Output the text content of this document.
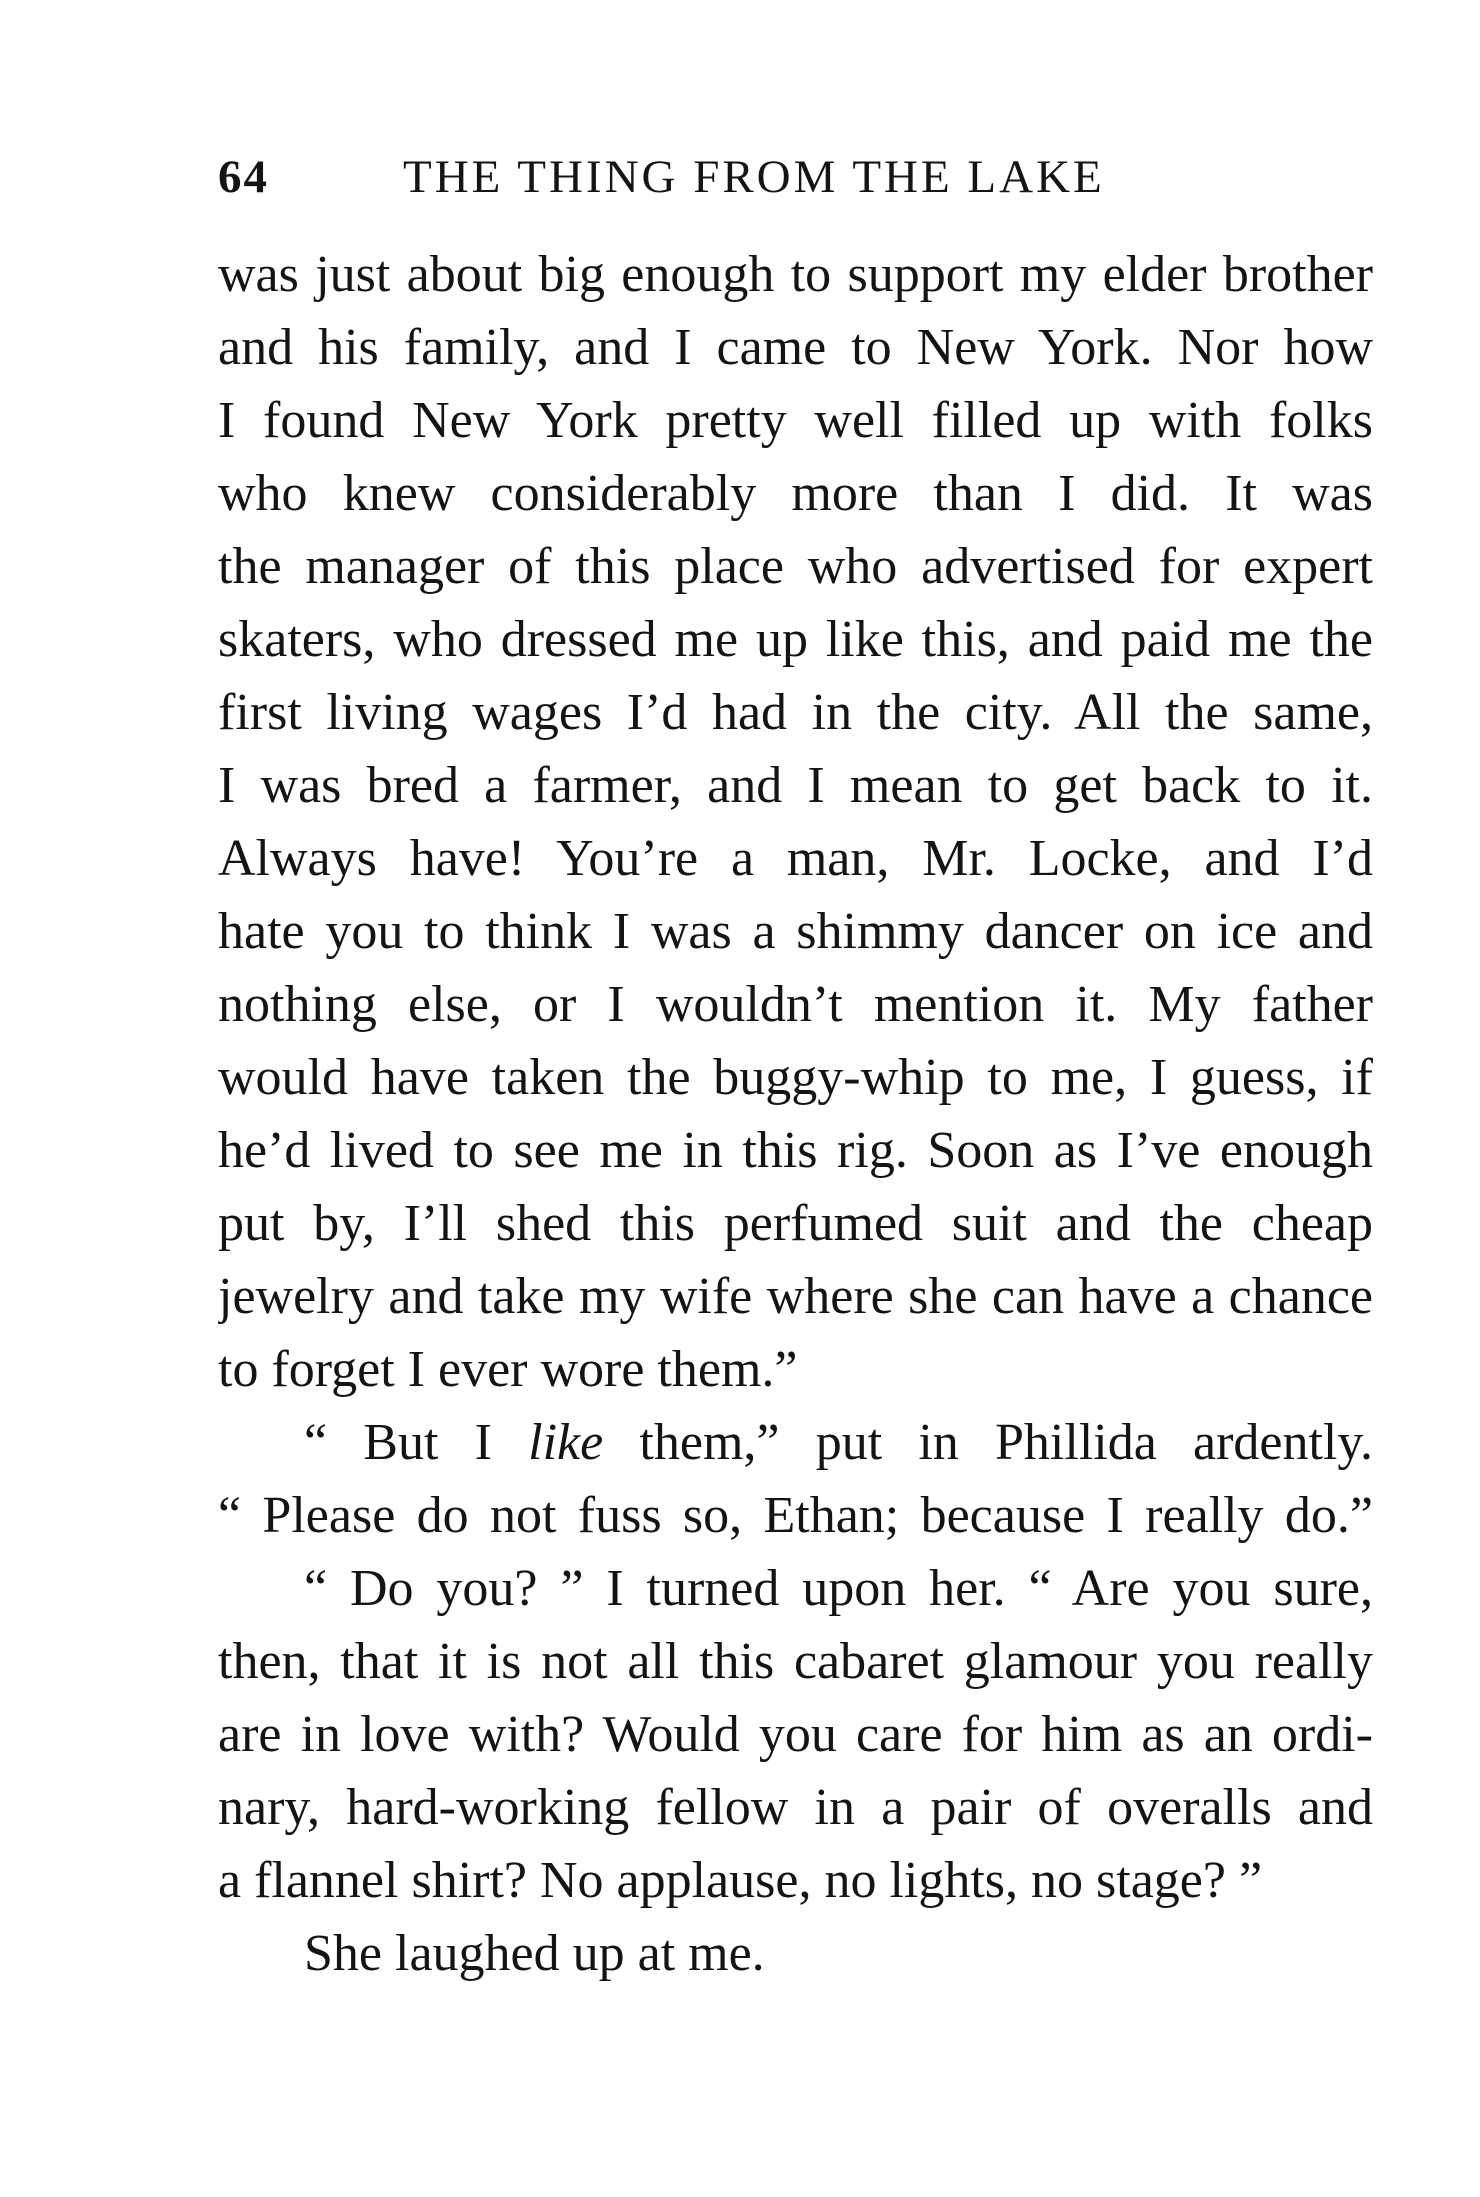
64	THE THING FROM THE LAKE
was just about big enough to support my elder brother
and his family, and I came to New York. Nor how
I found New York pretty well filled up with folks
who knew considerably more than I did. It was
the manager of this place who advertised for expert
skaters, who dressed me up like this, and paid me the
first living wages I’d had in the city. All the same,
I was bred a farmer, and I mean to get back to it.
Always have! You’re a man, Mr. Locke, and I’d
hate you to think I was a shimmy dancer on ice and
nothing else, or I wouldn’t mention it. My father
would have taken the buggy-whip to me, I guess, if
he’d lived to see me in this rig. Soon as I’ve enough
put by, I’ll shed this perfumed suit and the cheap
jewelry and take my wife where she can have a chance
to forget I ever wore them.”
“ But I like them,” put in Phillida ardently.
“ Please do not fuss so, Ethan; because I really do.”
“ Do you? ” I turned upon her. “ Are you sure,
then, that it is not all this cabaret glamour you really
are in love with? Would you care for him as an ordi-
nary, hard-working fellow in a pair of overalls and
a flannel shirt? No applause, no lights, no stage? ”
She laughed up at me.
